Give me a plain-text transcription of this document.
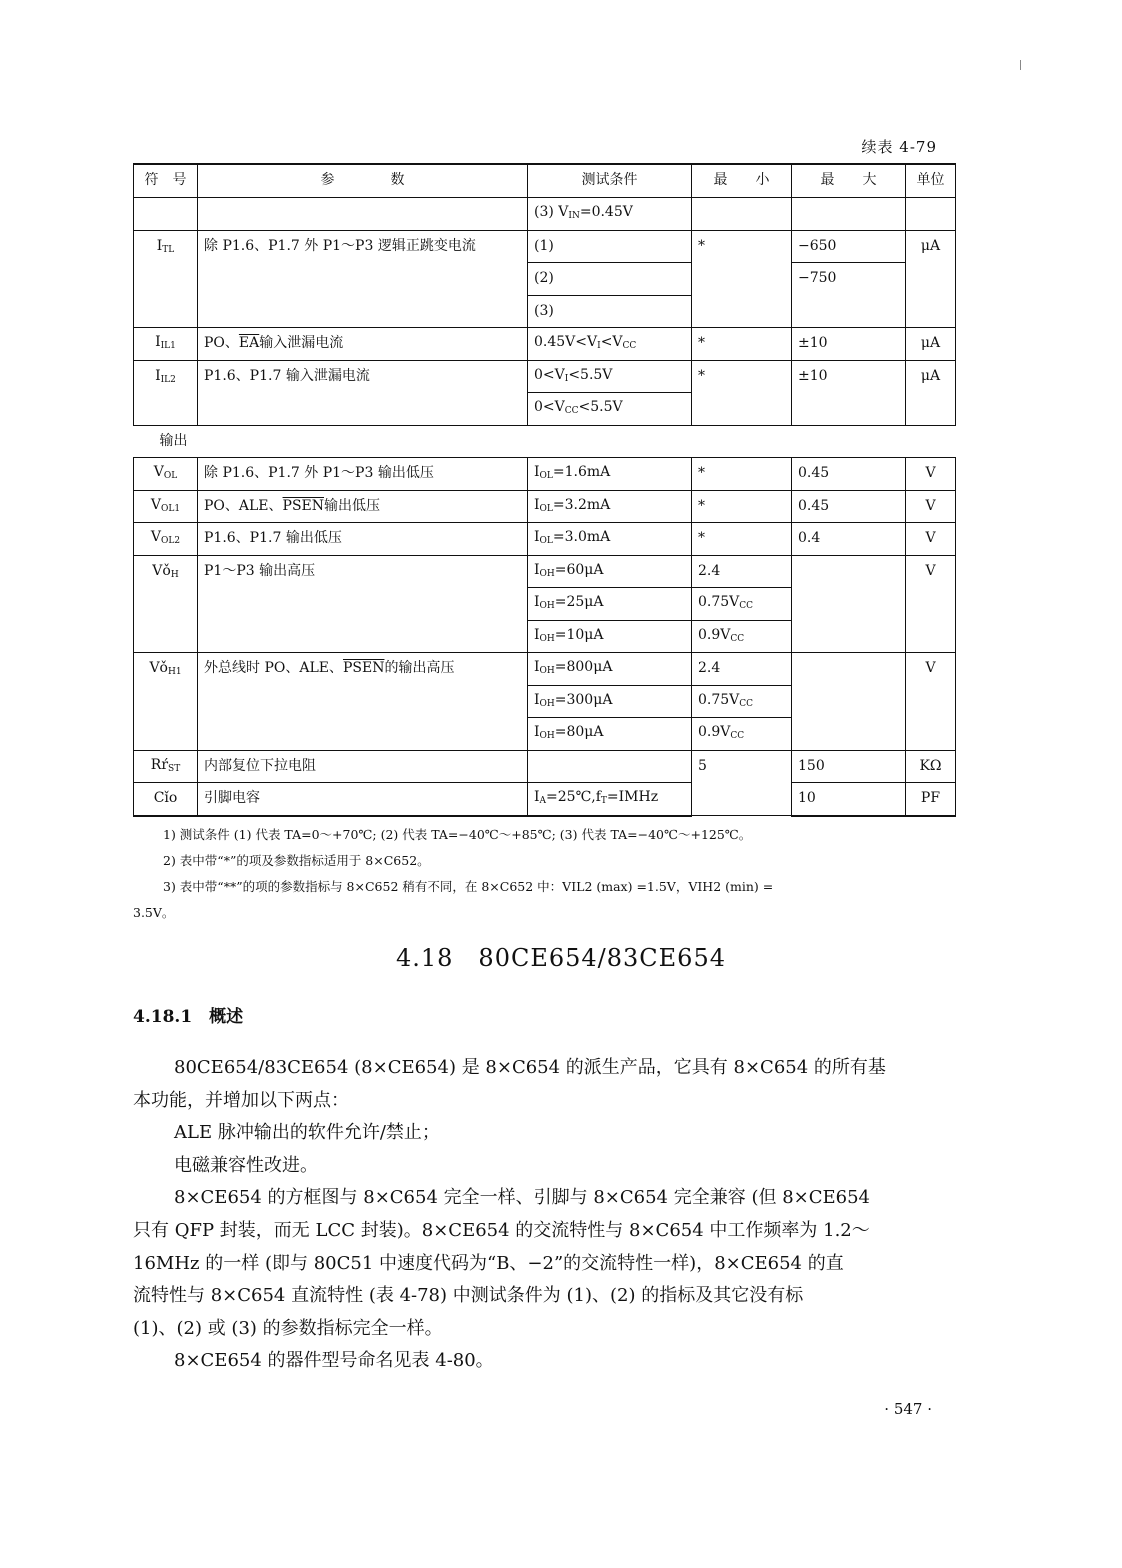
续表 4-79
符　号	参　　　　数	测试条件	最　　小	最　　大	单位
		(3) $V_{IN}=0.45V$			
$I_{TL}$	除 P1.6、P1.7 外 P1～P3 逻辑正跳变电流	(1)	*	−650	μA
		(2)		−750	
		(3)			
$I_{IL1}$	PO、$\overline{EA}$输入泄漏电流	$0.45V<V_I<V_{CC}$	*	±10	μA
$I_{IL2}$	P1.6、P1.7 输入泄漏电流	$0<V_I<5.5V$	*	±10	μA
		$0<V_{CC}<5.5V$			
输出					
$V_{OL}$	除 P1.6、P1.7 外 P1～P3 输出低压	$I_{OL}=1.6mA$	*	0.45	V
$V_{OL1}$	PO、ALE、PSEN输出低压	$I_{OL}=3.2mA$	*	0.45	V
$V_{OL2}$	P1.6、P1.7 输出低压	$I_{OL}=3.0mA$	*	0.4	V
$Vǒ_H$	P1～P3 输出高压	$I_{OH}=60\mu A$	2.4		V
		$I_{OH}=25\mu A$	$0.75V_{CC}$
		$I_{OH}=10\mu A$	$0.9V_{CC}$
$Vǒ_{H1}$	外总线时 PO、ALE、PSEN的输出高压	$I_{OH}=800\mu A$	2.4		V
		$I_{OH}=300\mu A$	$0.75V_{CC}$
		$I_{OH}=80\mu A$	$0.9V_{CC}$
$Rŕ_{ST}$	内部复位下拉电阻		5	150	KΩ
Cǐo	引脚电容	$I_A=25℃,f_T=IMHz$		10	PF

1) 测试条件 (1) 代表 TA=0～+70℃; (2) 代表 TA=−40℃～+85℃; (3) 代表 TA=−40℃～+125℃。

2) 表中带“*”的项及参数指标适用于 8×C652。

3) 表中带“**”的项的参数指标与 8×C652 稍有不同，在 8×C652 中：VIL2 (max) =1.5V，VIH2 (min) =

3.5V。

4.18　80CE654/83CE654
4.18.1　概述

80CE654/83CE654 (8×CE654) 是 8×C654 的派生产品，它具有 8×C654 的所有基

本功能，并增加以下两点：

ALE 脉冲输出的软件允许/禁止；

电磁兼容性改进。

8×CE654 的方框图与 8×C654 完全一样、引脚与 8×C654 完全兼容 (但 8×CE654

只有 QFP 封装，而无 LCC 封装)。8×CE654 的交流特性与 8×C654 中工作频率为 1.2～

16MHz 的一样 (即与 80C51 中速度代码为“B、−2”的交流特性一样)，8×CE654 的直

流特性与 8×C654 直流特性 (表 4-78) 中测试条件为 (1)、(2) 的指标及其它没有标

(1)、(2) 或 (3) 的参数指标完全一样。

8×CE654 的器件型号命名见表 4-80。

· 547 ·
